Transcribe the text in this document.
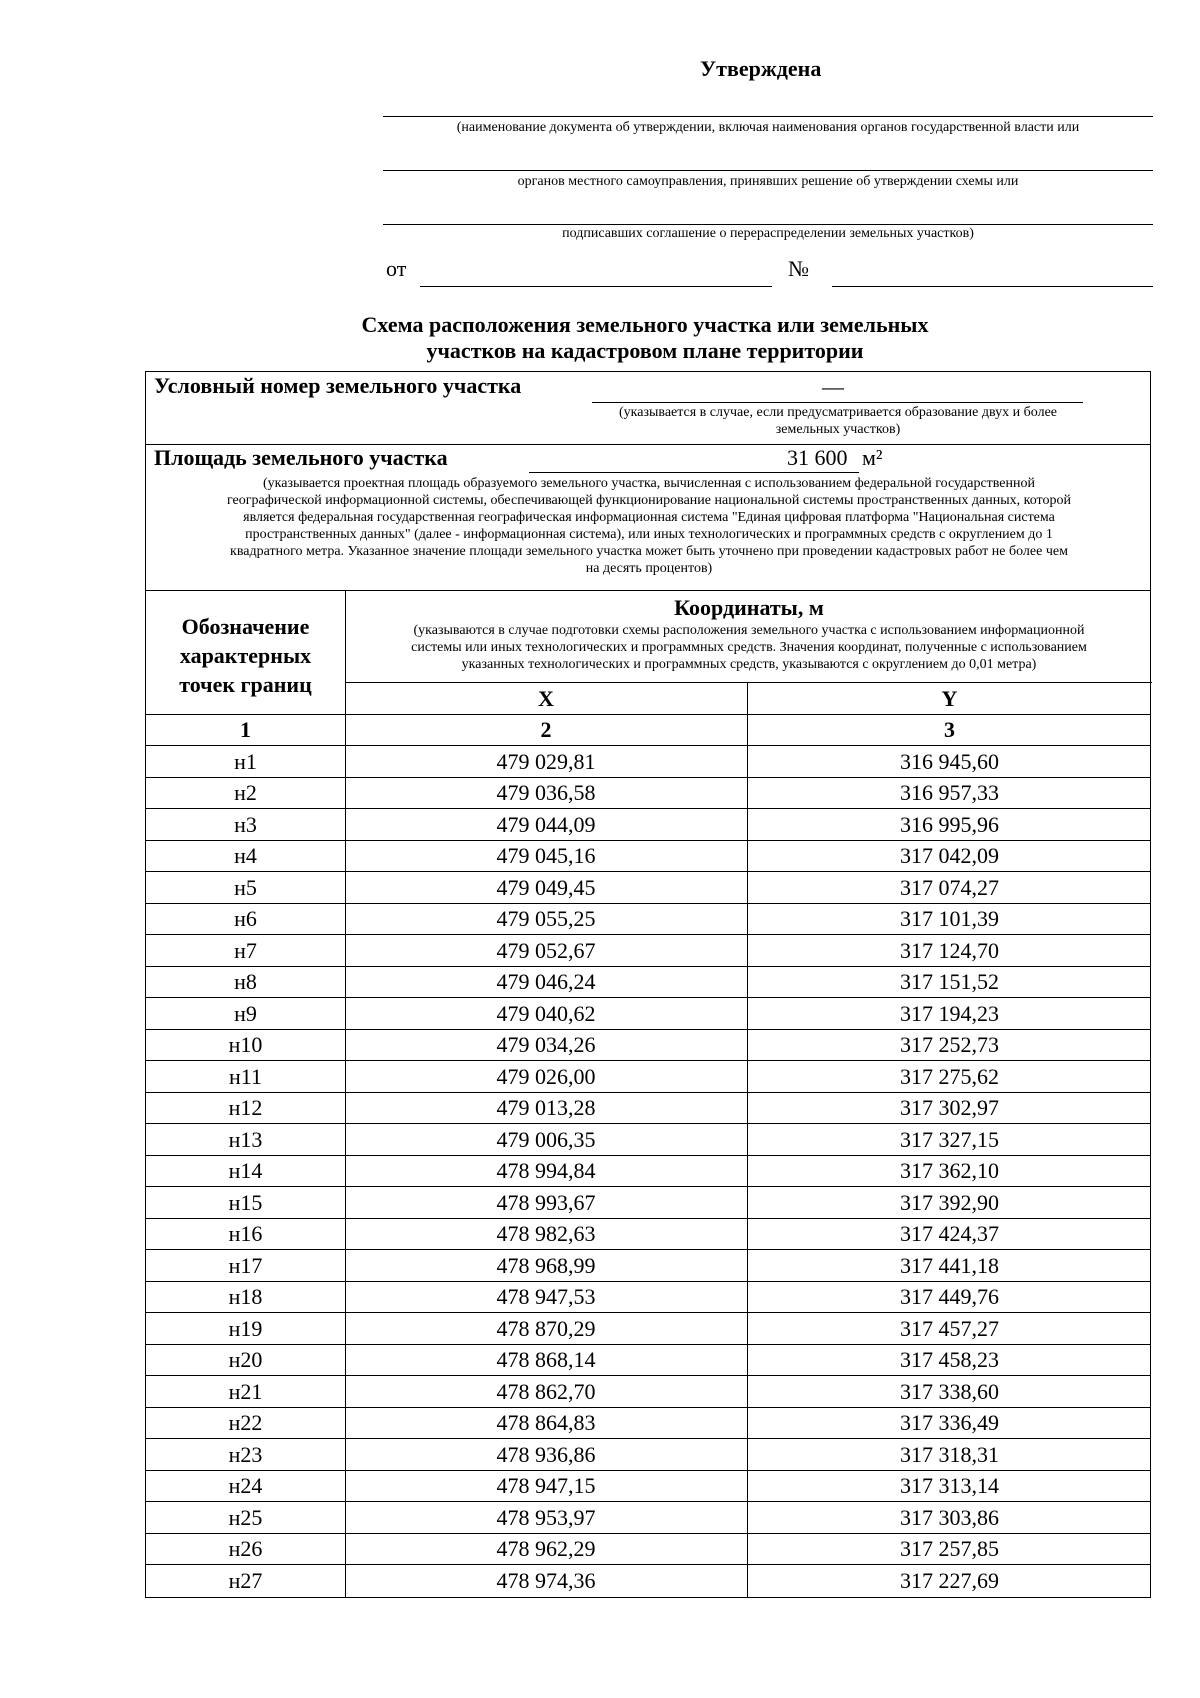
Утверждена
(наименование документа об утверждении, включая наименования органов государственной власти или
органов местного самоуправления, принявших решение об утверждении схемы или
подписавших соглашение о перераспределении земельных участков)
от	№
Схема расположения земельного участка или земельных
участков на кадастровом плане территории
Условный номер земельного участка	—
(указывается в случае, если предусматривается образование двух и более
земельных участков)
Площадь земельного участка	31 600 м²
(указывается проектная площадь образуемого земельного участка, вычисленная с использованием федеральной государственной
географической информационной системы, обеспечивающей функционирование национальной системы пространственных данных, которой
является федеральная государственная географическая информационная система "Единая цифровая платформа "Национальная система
пространственных данных" (далее - информационная система), или иных технологических и программных средств с округлением до 1
квадратного метра. Указанное значение площади земельного участка может быть уточнено при проведении кадастровых работ не более чем
на десять процентов)
Обозначение
характерных
точек границ
Координаты, м
(указываются в случае подготовки схемы расположения земельного участка с использованием информационной
системы или иных технологических и программных средств. Значения координат, полученные с использованием
указанных технологических и программных средств, указываются с округлением до 0,01 метра)
X	Y
1	2	3
н1	479 029,81	316 945,60
н2	479 036,58	316 957,33
н3	479 044,09	316 995,96
н4	479 045,16	317 042,09
н5	479 049,45	317 074,27
н6	479 055,25	317 101,39
н7	479 052,67	317 124,70
н8	479 046,24	317 151,52
н9	479 040,62	317 194,23
н10	479 034,26	317 252,73
н11	479 026,00	317 275,62
н12	479 013,28	317 302,97
н13	479 006,35	317 327,15
н14	478 994,84	317 362,10
н15	478 993,67	317 392,90
н16	478 982,63	317 424,37
н17	478 968,99	317 441,18
н18	478 947,53	317 449,76
н19	478 870,29	317 457,27
н20	478 868,14	317 458,23
н21	478 862,70	317 338,60
н22	478 864,83	317 336,49
н23	478 936,86	317 318,31
н24	478 947,15	317 313,14
н25	478 953,97	317 303,86
н26	478 962,29	317 257,85
н27	478 974,36	317 227,69
